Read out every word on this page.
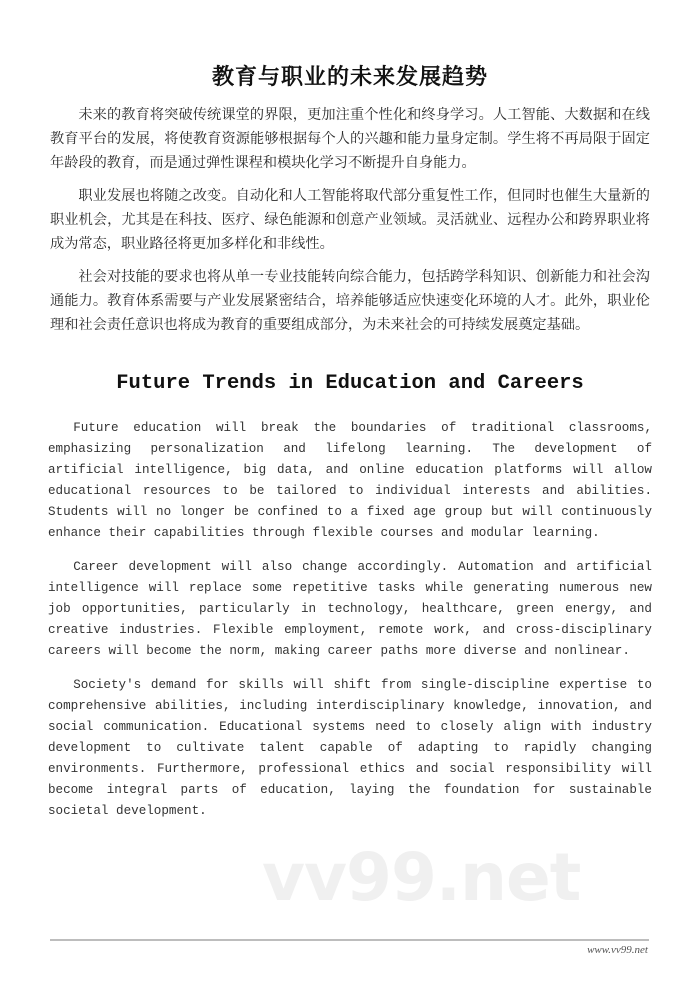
教育与职业的未来发展趋势

未来的教育将突破传统课堂的界限，更加注重个性化和终身学习。人工智能、大数据和在线教育平台的发展，将使教育资源能够根据每个人的兴趣和能力量身定制。学生将不再局限于固定年龄段的教育，而是通过弹性课程和模块化学习不断提升自身能力。

职业发展也将随之改变。自动化和人工智能将取代部分重复性工作，但同时也催生大量新的职业机会，尤其是在科技、医疗、绿色能源和创意产业领域。灵活就业、远程办公和跨界职业将成为常态，职业路径将更加多样化和非线性。

社会对技能的要求也将从单一专业技能转向综合能力，包括跨学科知识、创新能力和社会沟通能力。教育体系需要与产业发展紧密结合，培养能够适应快速变化环境的人才。此外，职业伦理和社会责任意识也将成为教育的重要组成部分，为未来社会的可持续发展奠定基础。

Future Trends in Education and Careers

Future education will break the boundaries of traditional classrooms, emphasizing personalization and lifelong learning. The development of artificial intelligence, big data, and online education platforms will allow educational resources to be tailored to individual interests and abilities. Students will no longer be confined to a fixed age group but will continuously enhance their capabilities through flexible courses and modular learning.

Career development will also change accordingly. Automation and artificial intelligence will replace some repetitive tasks while generating numerous new job opportunities, particularly in technology, healthcare, green energy, and creative industries. Flexible employment, remote work, and cross-disciplinary careers will become the norm, making career paths more diverse and nonlinear.

Society's demand for skills will shift from single-discipline expertise to comprehensive abilities, including interdisciplinary knowledge, innovation, and social communication. Educational systems need to closely align with industry development to cultivate talent capable of adapting to rapidly changing environments. Furthermore, professional ethics and social responsibility will become integral parts of education, laying the foundation for sustainable societal development.

vv99.net
www.vv99.net
